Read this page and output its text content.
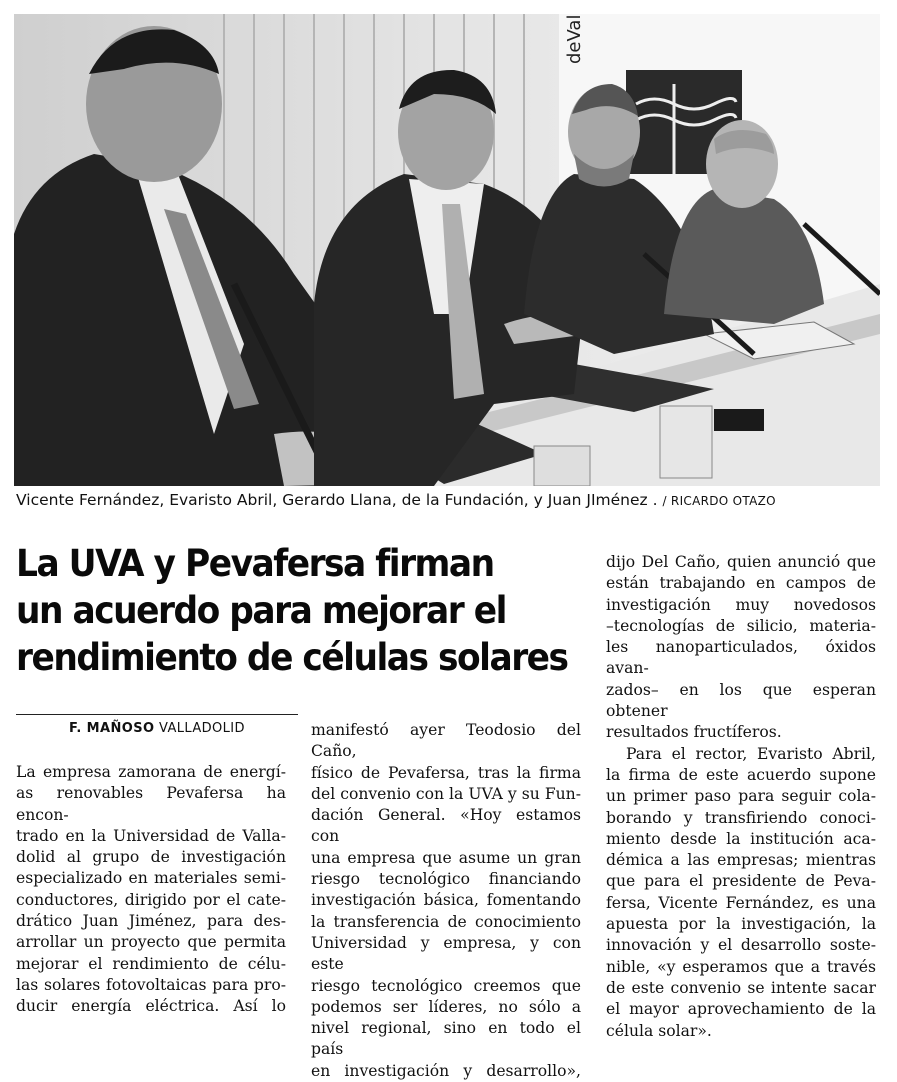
deVal
Vicente Fernández, Evaristo Abril, Gerardo Llana, de la Fundación, y Juan JIménez . / RICARDO OTAZO
La UVA y Pevafersa firman
un acuerdo para mejorar el
rendimiento de células solares
F. MAÑOSO VALLADOLID
La empresa zamorana de energí-
as renovables Pevafersa ha encon-
trado en la Universidad de Valla-
dolid al grupo de investigación
especializado en materiales semi-
conductores, dirigido por el cate-
drático Juan Jiménez, para des-
arrollar un proyecto que permita
mejorar el rendimiento de célu-
las solares fotovoltaicas para pro-
ducir energía eléctrica. Así lo
manifestó ayer Teodosio del Caño,
físico de Pevafersa, tras la firma
del convenio con la UVA y su Fun-
dación General. «Hoy estamos con
una empresa que asume un gran
riesgo tecnológico financiando
investigación básica, fomentando
la transferencia de conocimiento
Universidad y empresa, y con este
riesgo tecnológico creemos que
podemos ser líderes, no sólo a
nivel regional, sino en todo el país
en investigación y desarrollo»,
dijo Del Caño, quien anunció que
están trabajando en campos de
investigación muy novedosos
–tecnologías de silicio, materia-
les nanoparticulados, óxidos avan-
zados– en los que esperan obtener
resultados fructíferos.
Para el rector, Evaristo Abril,
la firma de este acuerdo supone
un primer paso para seguir cola-
borando y transfiriendo conoci-
miento desde la institución aca-
démica a las empresas; mientras
que para el presidente de Peva-
fersa, Vicente Fernández, es una
apuesta por la investigación, la
innovación y el desarrollo soste-
nible, «y esperamos que a través
de este convenio se intente sacar
el mayor aprovechamiento de la
célula solar».
